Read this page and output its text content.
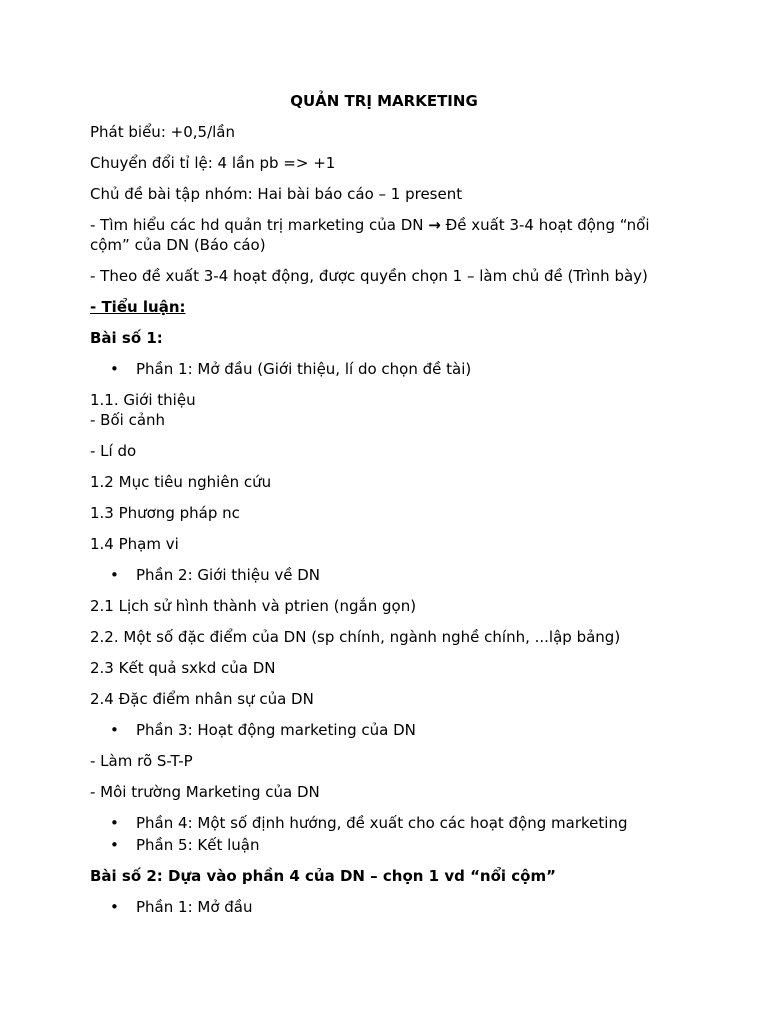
QUẢN TRỊ MARKETING

Phát biểu: +0,5/lần

Chuyển đổi tỉ lệ: 4 lần pb => +1

Chủ đề bài tập nhóm: Hai bài báo cáo – 1 present

- Tìm hiểu các hd quản trị marketing của DN → Đề xuất 3-4 hoạt động “nổi cộm” của DN (Báo cáo)

- Theo đề xuất 3-4 hoạt động, được quyền chọn 1 – làm chủ đề (Trình bày)

- Tiểu luận:

Bài số 1:

• Phần 1: Mở đầu (Giới thiệu, lí do chọn đề tài)

1.1. Giới thiệu

- Bối cảnh

- Lí do

1.2 Mục tiêu nghiên cứu

1.3 Phương pháp nc

1.4 Phạm vi

• Phần 2: Giới thiệu về DN

2.1 Lịch sử hình thành và ptrien (ngắn gọn)

2.2. Một số đặc điểm của DN (sp chính, ngành nghề chính, ...lập bảng)

2.3 Kết quả sxkd của DN

2.4 Đặc điểm nhân sự của DN

• Phần 3: Hoạt động marketing của DN

- Làm rõ S-T-P

- Môi trường Marketing của DN

• Phần 4: Một số định hướng, đề xuất cho các hoạt động marketing
• Phần 5: Kết luận

Bài số 2: Dựa vào phần 4 của DN – chọn 1 vd “nổi cộm”

• Phần 1: Mở đầu
